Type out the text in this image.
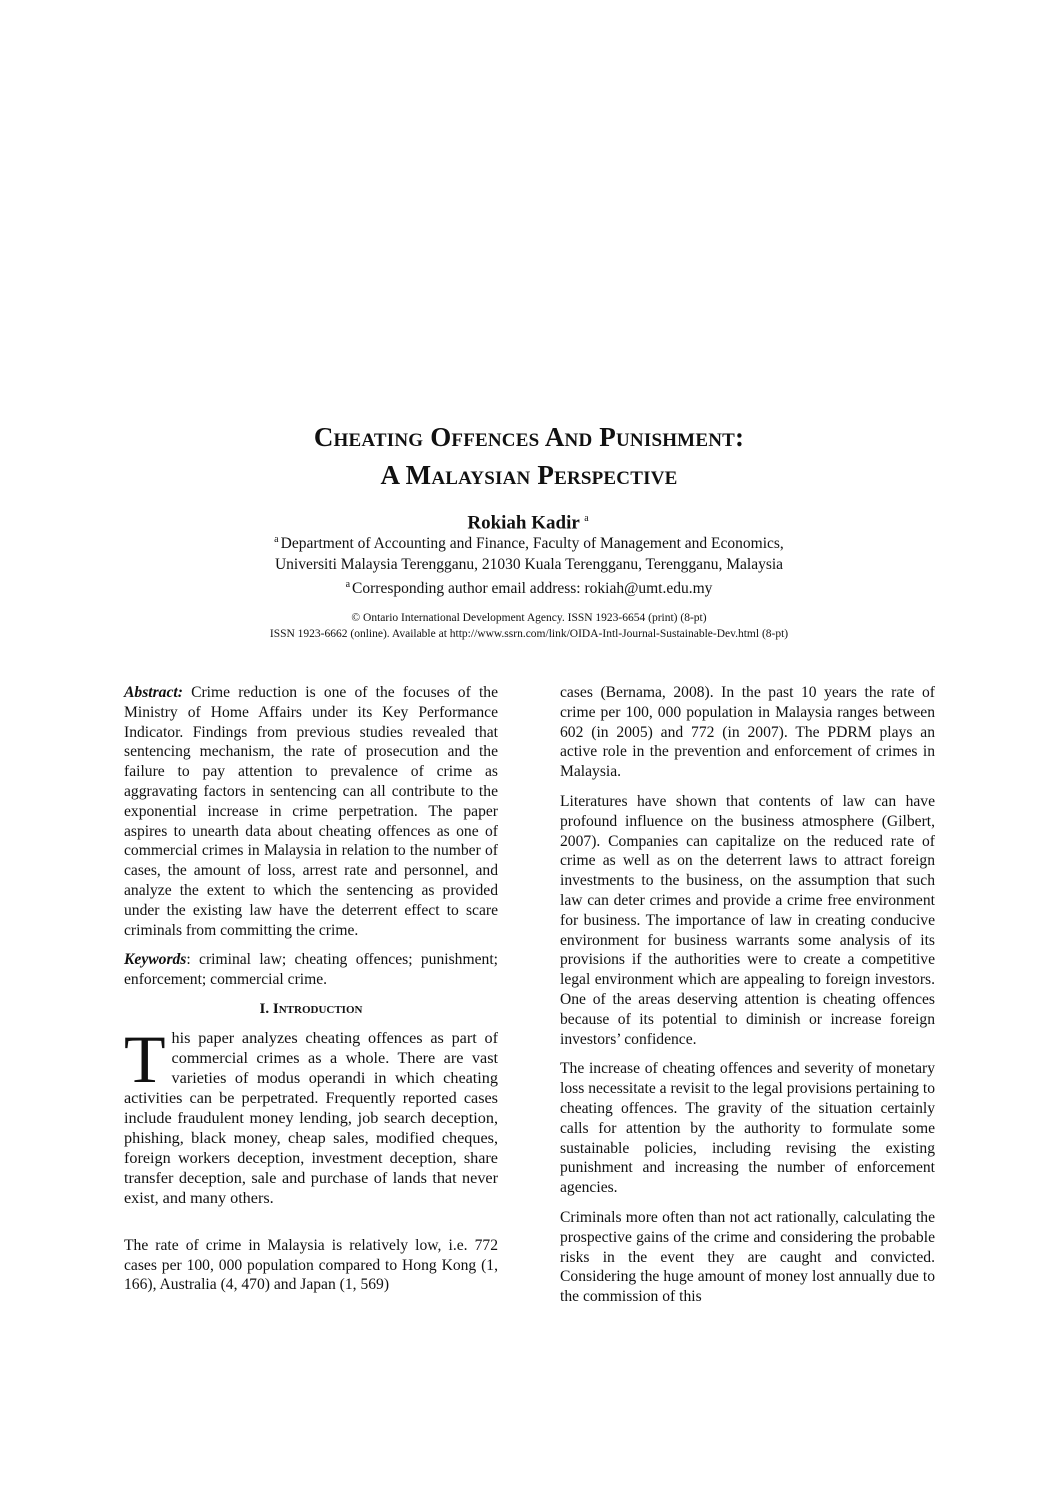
Cheating Offences And Punishment:
A Malaysian Perspective
Rokiah Kadir $^a$
$^a$ Department of Accounting and Finance, Faculty of Management and Economics,
Universiti Malaysia Terengganu, 21030 Kuala Terengganu, Terengganu, Malaysia
$^a$ Corresponding author email address: rokiah@umt.edu.my
© Ontario International Development Agency. ISSN 1923-6654 (print) (8-pt)
ISSN 1923-6662 (online). Available at http://www.ssrn.com/link/OIDA-Intl-Journal-Sustainable-Dev.html (8-pt)

Abstract: Crime reduction is one of the focuses of the Ministry of Home Affairs under its Key Performance Indicator. Findings from previous studies revealed that sentencing mechanism, the rate of prosecution and the failure to pay attention to prevalence of crime as aggravating factors in sentencing can all contribute to the exponential increase in crime perpetration. The paper aspires to unearth data about cheating offences as one of commercial crimes in Malaysia in relation to the number of cases, the amount of loss, arrest rate and personnel, and analyze the extent to which the sentencing as provided under the existing law have the deterrent effect to scare criminals from committing the crime.

Keywords: criminal law; cheating offences; punishment; enforcement; commercial crime.

I. Introduction

This paper analyzes cheating offences as part of commercial crimes as a whole. There are vast varieties of modus operandi in which cheating activities can be perpetrated. Frequently reported cases include fraudulent money lending, job search deception, phishing, black money, cheap sales, modified cheques, foreign workers deception, investment deception, share transfer deception, sale and purchase of lands that never exist, and many others.

The rate of crime in Malaysia is relatively low, i.e. 772 cases per 100, 000 population compared to Hong Kong (1, 166), Australia (4, 470) and Japan (1, 569)

cases (Bernama, 2008). In the past 10 years the rate of crime per 100, 000 population in Malaysia ranges between 602 (in 2005) and 772 (in 2007). The PDRM plays an active role in the prevention and enforcement of crimes in Malaysia.

Literatures have shown that contents of law can have profound influence on the business atmosphere (Gilbert, 2007). Companies can capitalize on the reduced rate of crime as well as on the deterrent laws to attract foreign investments to the business, on the assumption that such law can deter crimes and provide a crime free environment for business. The importance of law in creating conducive environment for business warrants some analysis of its provisions if the authorities were to create a competitive legal environment which are appealing to foreign investors. One of the areas deserving attention is cheating offences because of its potential to diminish or increase foreign investors’ confidence.

The increase of cheating offences and severity of monetary loss necessitate a revisit to the legal provisions pertaining to cheating offences. The gravity of the situation certainly calls for attention by the authority to formulate some sustainable policies, including revising the existing punishment and increasing the number of enforcement agencies.

Criminals more often than not act rationally, calculating the prospective gains of the crime and considering the probable risks in the event they are caught and convicted. Considering the huge amount of money lost annually due to the commission of this
